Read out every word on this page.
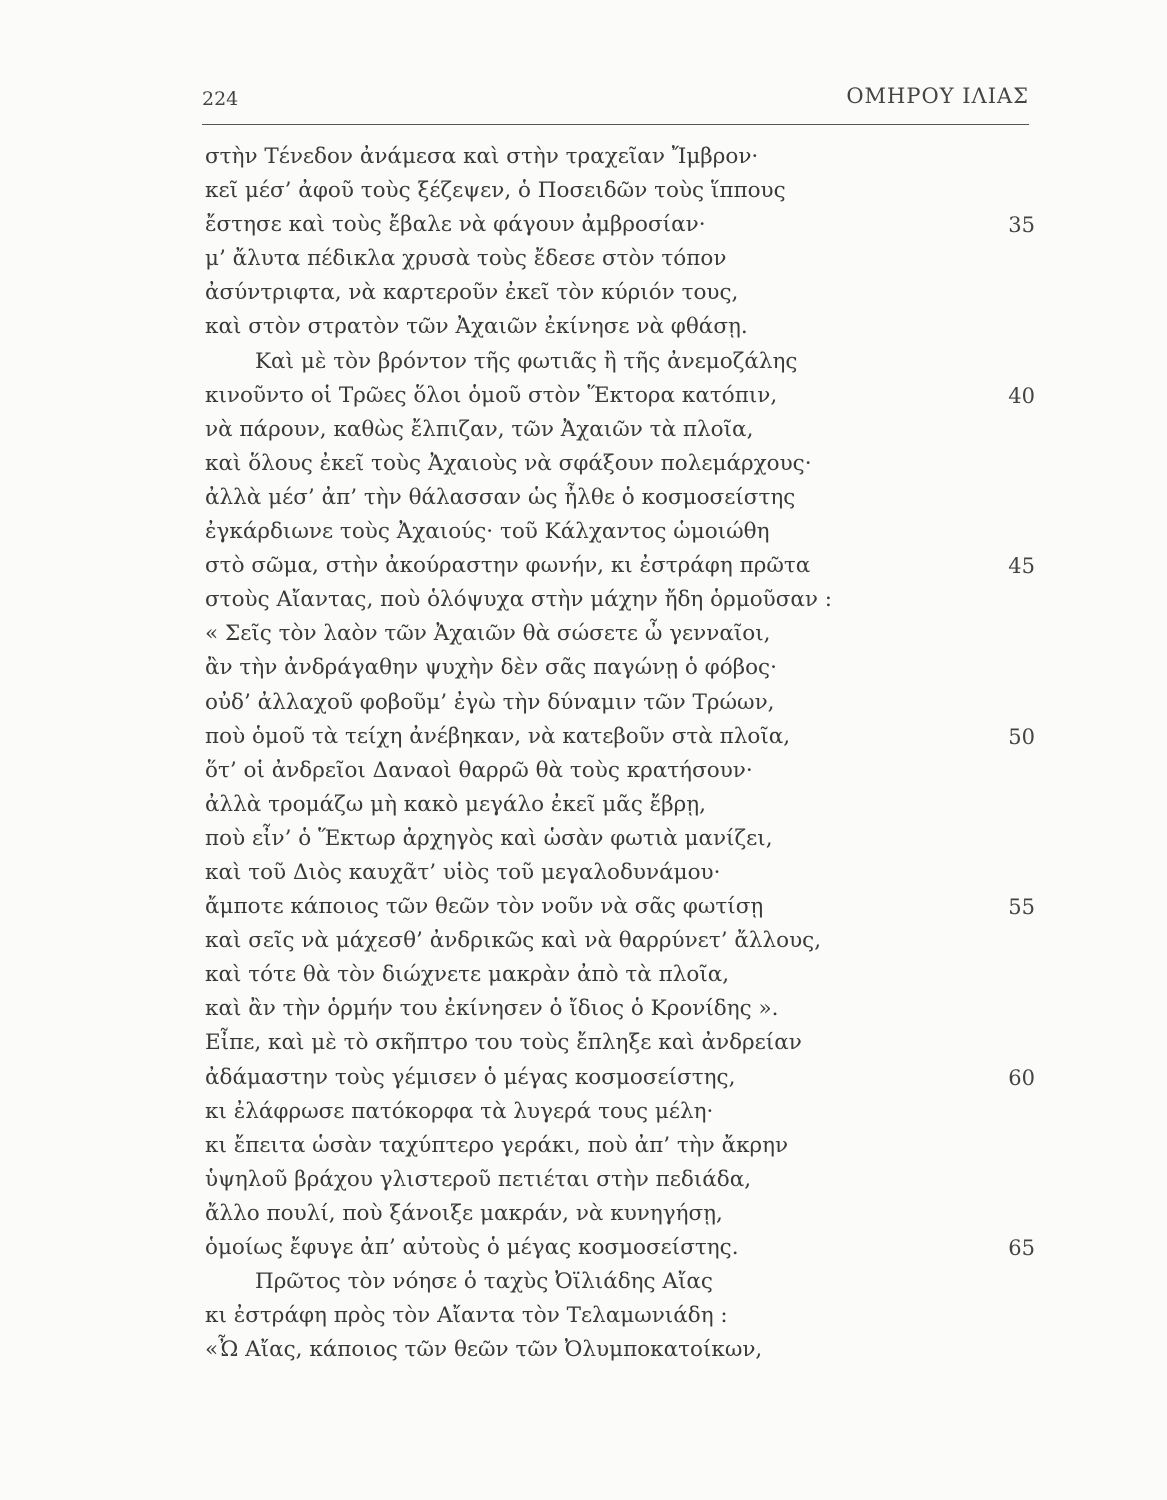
224	ΟΜΗΡΟΥ ΙΛΙΑΣ
στὴν Τένεδον ἀνάμεσα καὶ στὴν τραχεῖαν Ἴμβρον·
κεῖ μέσ’ ἀφοῦ τοὺς ξέζεψεν, ὁ Ποσειδῶν τοὺς ἵππους
ἔστησε καὶ τοὺς ἔβαλε νὰ φάγουν ἀμβροσίαν·	35
μ’ ἄλυτα πέδικλα χρυσὰ τοὺς ἔδεσε στὸν τόπον
ἀσύντριφτα, νὰ καρτεροῦν ἐκεῖ τὸν κύριόν τους,
καὶ στὸν στρατὸν τῶν Ἀχαιῶν ἐκίνησε νὰ φθάσῃ.
Καὶ μὲ τὸν βρόντον τῆς φωτιᾶς ἢ τῆς ἀνεμοζάλης
κινοῦντο οἱ Τρῶες ὅλοι ὁμοῦ στὸν Ἕκτορα κατόπιν,	40
νὰ πάρουν, καθὼς ἔλπιζαν, τῶν Ἀχαιῶν τὰ πλοῖα,
καὶ ὅλους ἐκεῖ τοὺς Ἀχαιοὺς νὰ σφάξουν πολεμάρχους·
ἀλλὰ μέσ’ ἀπ’ τὴν θάλασσαν ὡς ἦλθε ὁ κοσμοσείστης
ἐγκάρδιωνε τοὺς Ἀχαιούς· τοῦ Κάλχαντος ὡμοιώθη
στὸ σῶμα, στὴν ἀκούραστην φωνήν, κι ἐστράφη πρῶτα	45
στοὺς Αἴαντας, ποὺ ὁλόψυχα στὴν μάχην ἤδη ὁρμοῦσαν :
« Σεῖς τὸν λαὸν τῶν Ἀχαιῶν θὰ σώσετε ὦ γενναῖοι,
ἂν τὴν ἀνδράγαθην ψυχὴν δὲν σᾶς παγώνῃ ὁ φόβος·
οὐδ’ ἀλλαχοῦ φοβοῦμ’ ἐγὼ τὴν δύναμιν τῶν Τρώων,
ποὺ ὁμοῦ τὰ τείχη ἀνέβηκαν, νὰ κατεβοῦν στὰ πλοῖα,	50
ὅτ’ οἱ ἀνδρεῖοι Δαναοὶ θαρρῶ θὰ τοὺς κρατήσουν·
ἀλλὰ τρομάζω μὴ κακὸ μεγάλο ἐκεῖ μᾶς ἔβρῃ,
ποὺ εἶν’ ὁ Ἕκτωρ ἀρχηγὸς καὶ ὡσὰν φωτιὰ μανίζει,
καὶ τοῦ Διὸς καυχᾶτ’ υἱὸς τοῦ μεγαλοδυνάμου·
ἄμποτε κάποιος τῶν θεῶν τὸν νοῦν νὰ σᾶς φωτίσῃ	55
καὶ σεῖς νὰ μάχεσθ’ ἀνδρικῶς καὶ νὰ θαρρύνετ’ ἄλλους,
καὶ τότε θὰ τὸν διώχνετε μακρὰν ἀπὸ τὰ πλοῖα,
καὶ ἂν τὴν ὁρμήν του ἐκίνησεν ὁ ἴδιος ὁ Κρονίδης ».
Εἶπε, καὶ μὲ τὸ σκῆπτρο του τοὺς ἔπληξε καὶ ἀνδρείαν
ἀδάμαστην τοὺς γέμισεν ὁ μέγας κοσμοσείστης,	60
κι ἐλάφρωσε πατόκορφα τὰ λυγερά τους μέλη·
κι ἔπειτα ὡσὰν ταχύπτερο γεράκι, ποὺ ἀπ’ τὴν ἄκρην
ὑψηλοῦ βράχου γλιστεροῦ πετιέται στὴν πεδιάδα,
ἄλλο πουλί, ποὺ ξάνοιξε μακράν, νὰ κυνηγήσῃ,
ὁμοίως ἔφυγε ἀπ’ αὐτοὺς ὁ μέγας κοσμοσείστης.	65
Πρῶτος τὸν νόησε ὁ ταχὺς Ὀϊλιάδης Αἴας
κι ἐστράφη πρὸς τὸν Αἴαντα τὸν Τελαμωνιάδη :
«Ὦ Αἴας, κάποιος τῶν θεῶν τῶν Ὀλυμποκατοίκων,
